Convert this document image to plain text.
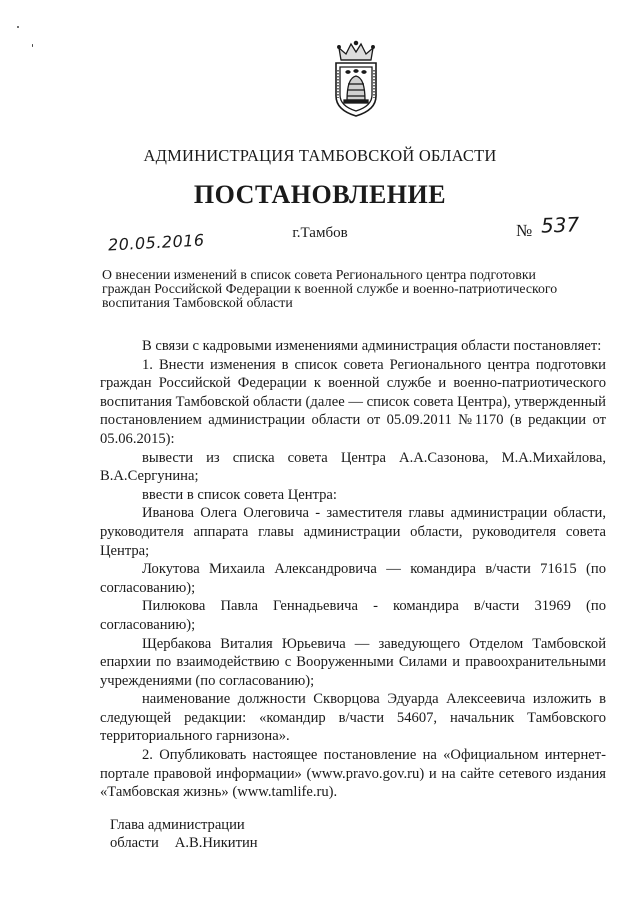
АДМИНИСТРАЦИЯ ТАМБОВСКОЙ ОБЛАСТИ
ПОСТАНОВЛЕНИЕ
20.05.2016	г.Тамбов	№ 537
О внесении изменений в список совета Регионального центра подготовки
граждан Российской Федерации к военной службе и военно-патриотического
воспитания Тамбовской области

В связи с кадровыми изменениями администрация области постановляет:

1. Внести изменения в список совета Регионального центра подготовки граждан Российской Федерации к военной службе и военно-патриотического воспитания Тамбовской области (далее — список совета Центра), утвержденный постановлением администрации области от 05.09.2011 №1170 (в редакции от 05.06.2015):

вывести из списка совета Центра А.А.Сазонова, М.А.Михайлова, В.А.Сергунина;

ввести в список совета Центра:

Иванова Олега Олеговича - заместителя главы администрации области, руководителя аппарата главы администрации области, руководителя совета Центра;

Локутова Михаила Александровича — командира в/части 71615 (по согласованию);

Пилюкова Павла Геннадьевича - командира в/части 31969 (по согласованию);

Щербакова Виталия Юрьевича — заведующего Отделом Тамбовской епархии по взаимодействию с Вооруженными Силами и правоохранительными учреждениями (по согласованию);

наименование должности Скворцова Эдуарда Алексеевича изложить в следующей редакции: «командир в/части 54607, начальник Тамбовского территориального гарнизона».

2. Опубликовать настоящее постановление на «Официальном интернет-портале правовой информации» (www.pravo.gov.ru) и на сайте сетевого издания «Тамбовская жизнь» (www.tamlife.ru).

Глава администрации
области А.В.Никитин
